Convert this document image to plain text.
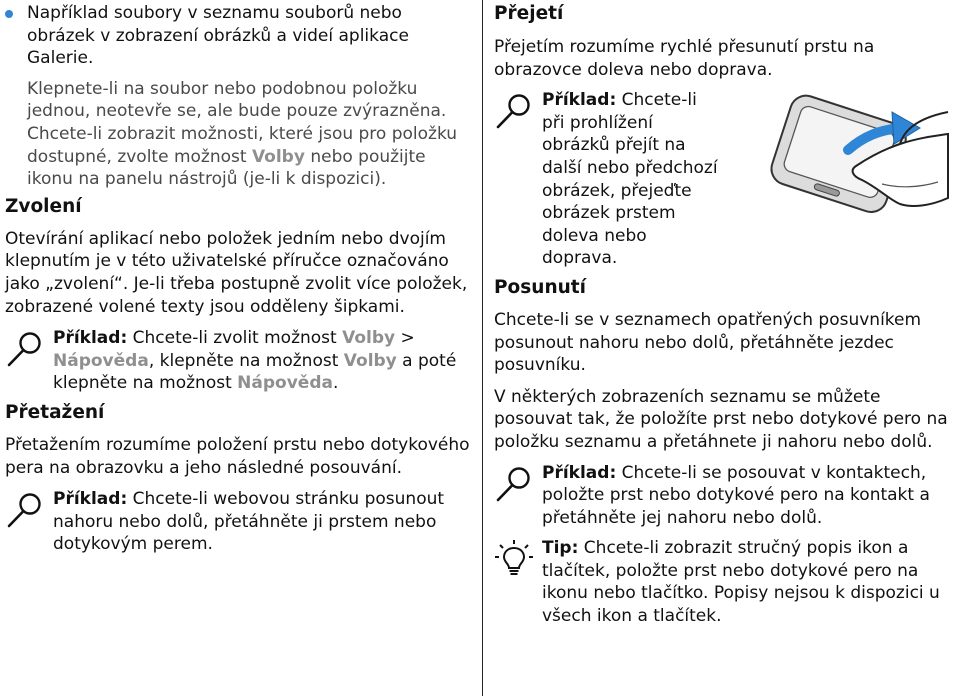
Například soubory v seznamu souborů nebo obrázek v zobrazení obrázků a videí aplikace Galerie.

Klepnete-li na soubor nebo podobnou položku jednou, neotevře se, ale bude pouze zvýrazněna. Chcete-li zobrazit možnosti, které jsou pro položku dostupné, zvolte možnost Volby nebo použijte ikonu na panelu nástrojů (je-li k dispozici).

Zvolení

Otevírání aplikací nebo položek jedním nebo dvojím klepnutím je v této uživatelské příručce označováno jako „zvolení“. Je-li třeba postupně zvolit více položek, zobrazené volené texty jsou odděleny šipkami.

Příklad: Chcete-li zvolit možnost Volby > Nápověda, klepněte na možnost Volby a poté klepněte na možnost Nápověda.

Přetažení

Přetažením rozumíme položení prstu nebo dotykového pera na obrazovku a jeho následné posouvání.

Příklad: Chcete-li webovou stránku posunout nahoru nebo dolů, přetáhněte ji prstem nebo dotykovým perem.

Přejetí

Přejetím rozumíme rychlé přesunutí prstu na obrazovce doleva nebo doprava.

Příklad: Chcete-li při prohlížení obrázků přejít na další nebo předchozí obrázek, přejeďte obrázek prstem doleva nebo doprava.

Posunutí

Chcete-li se v seznamech opatřených posuvníkem posunout nahoru nebo dolů, přetáhněte jezdec posuvníku.

V některých zobrazeních seznamu se můžete posouvat tak, že položíte prst nebo dotykové pero na položku seznamu a přetáhnete ji nahoru nebo dolů.

Příklad: Chcete-li se posouvat v kontaktech, položte prst nebo dotykové pero na kontakt a přetáhněte jej nahoru nebo dolů.

Tip: Chcete-li zobrazit stručný popis ikon a tlačítek, položte prst nebo dotykové pero na ikonu nebo tlačítko. Popisy nejsou k dispozici u všech ikon a tlačítek.
